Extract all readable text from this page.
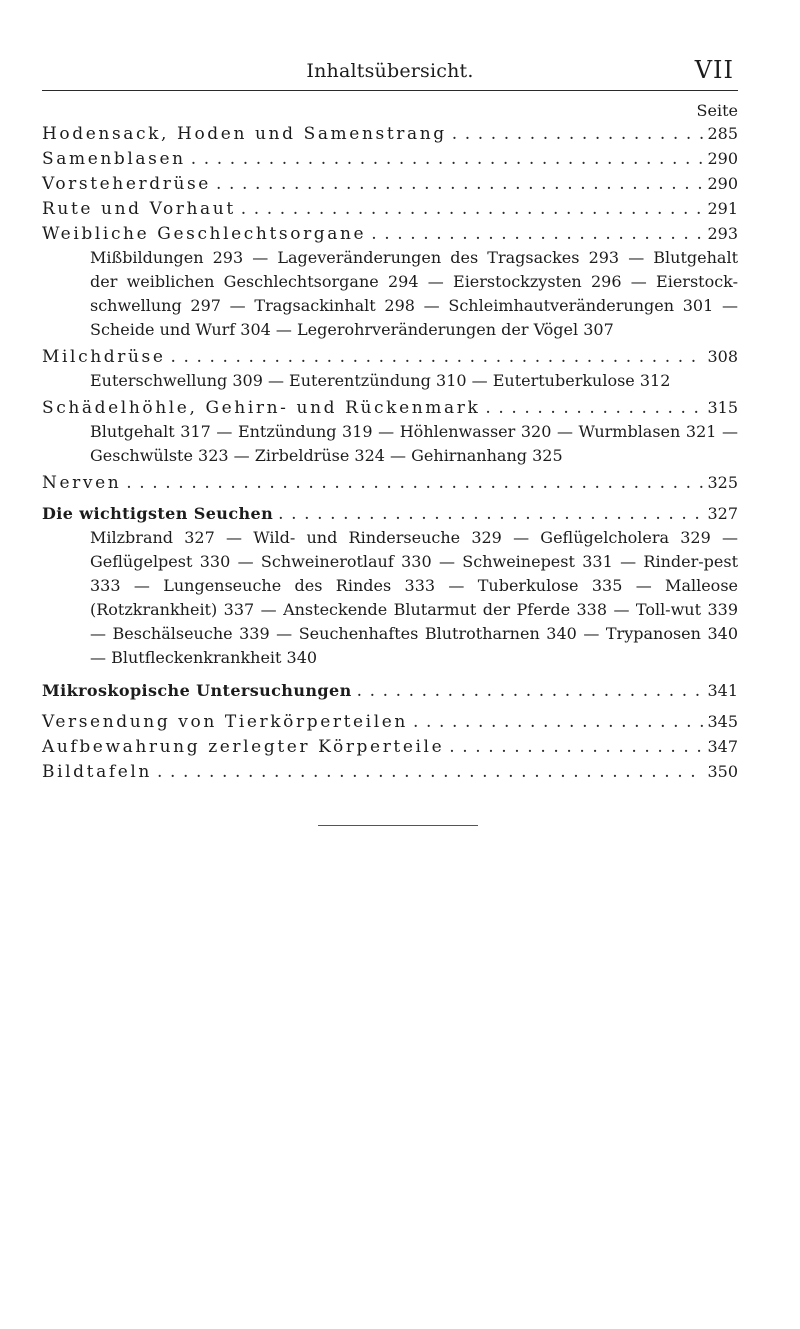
Inhaltsübersicht.	VII
Seite
Hodensack, Hoden und Samenstrang . . .	285
Samenblasen . . .	290
Vorsteherdrüse . . .	290
Rute und Vorhaut . . .	291
Weibliche Geschlechtsorgane . . .	293
Mißbildungen 293 — Lageveränderungen des Tragsackes 293 — Blutgehalt der weiblichen Geschlechtsorgane 294 — Eierstockzysten 296 — Eierstock-schwellung 297 — Tragsackinhalt 298 — Schleimhautveränderungen 301 — Scheide und Wurf 304 — Legerohrveränderungen der Vögel 307
Milchdrüse . . .	308
Euterschwellung 309 — Euterentzündung 310 — Eutertuberkulose 312
Schädelhöhle, Gehirn- und Rückenmark . . .	315
Blutgehalt 317 — Entzündung 319 — Höhlenwasser 320 — Wurmblasen 321 — Geschwülste 323 — Zirbeldrüse 324 — Gehirnanhang 325
Nerven . . .	325
Die wichtigsten Seuchen . . .	327
Milzbrand 327 — Wild- und Rinderseuche 329 — Geflügelcholera 329 — Geflügelpest 330 — Schweinerotlauf 330 — Schweinepest 331 — Rinder-pest 333 — Lungenseuche des Rindes 333 — Tuberkulose 335 — Malleose (Rotzkrankheit) 337 — Ansteckende Blutarmut der Pferde 338 — Toll-wut 339 — Beschälseuche 339 — Seuchenhaftes Blutrotharnen 340 — Trypanosen 340 — Blutfleckenkrankheit 340
Mikroskopische Untersuchungen . . .	341
Versendung von Tierkörperteilen . . .	345
Aufbewahrung zerlegter Körperteile . . .	347
Bildtafeln . . .	350
